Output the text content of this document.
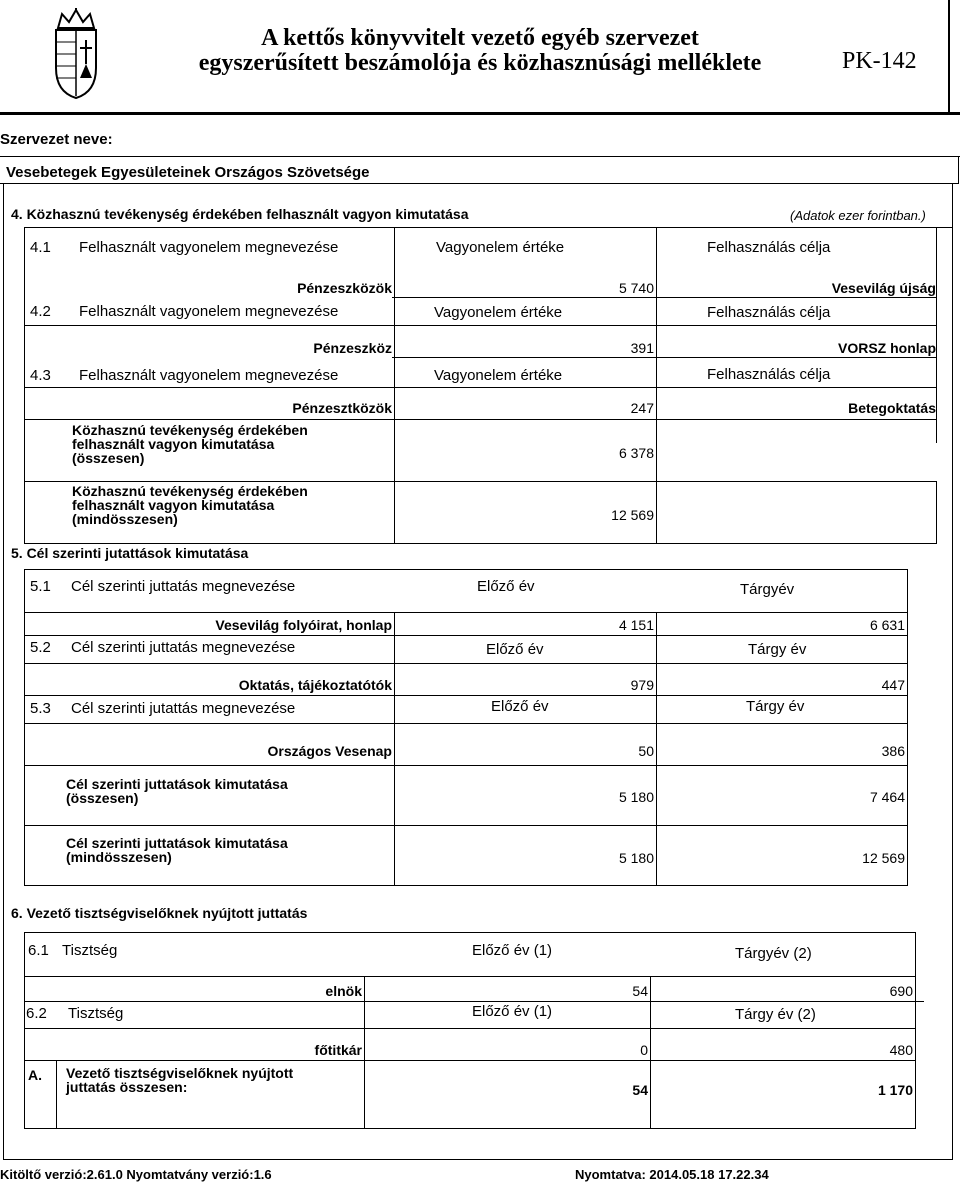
A kettős könyvvitelt vezető egyéb szervezet
egyszerűsített beszámolója és közhasznúsági melléklete	PK-142
Szervezet neve:
Vesebetegek Egyesületeinek Országos Szövetsége
4. Közhasznú tevékenység érdekében felhasznált vagyon kimutatása	(Adatok ezer forintban.)
4.1 Felhasznált vagyonelem megnevezése	Vagyonelem értéke	Felhasználás célja
Pénzeszközök	5 740	Vesevilág újság
4.2 Felhasznált vagyonelem megnevezése	Vagyonelem értéke	Felhasználás célja
Pénzeszköz	391	VORSZ honlap
4.3 Felhasznált vagyonelem megnevezése	Vagyonelem értéke	Felhasználás célja
Pénzesztközök	247	Betegoktatás
Közhasznú tevékenység érdekében
felhasznált vagyon kimutatása
(összesen)	6 378
Közhasznú tevékenység érdekében
felhasznált vagyon kimutatása
(mindösszesen)	12 569
5. Cél szerinti jutattások kimutatása
5.1 Cél szerinti juttatás megnevezése	Előző év	Tárgyév
Vesevilág folyóirat, honlap	4 151	6 631
5.2 Cél szerinti juttatás megnevezése	Előző év	Tárgy év
Oktatás, tájékoztatótók	979	447
5.3 Cél szerinti jutattás megnevezése	Előző év	Tárgy év
Országos Vesenap	50	386
Cél szerinti juttatások kimutatása
(összesen)	5 180	7 464
Cél szerinti juttatások kimutatása
(mindösszesen)	5 180	12 569
6. Vezető tisztségviselőknek nyújtott juttatás
6.1 Tisztség	Előző év (1)	Tárgyév (2)
elnök	54	690
6.2 Tisztség	Előző év (1)	Tárgy év (2)
főtitkár	0	480
A. Vezető tisztségviselőknek nyújtott
juttatás összesen:	54	1 170
Kitöltő verzió:2.61.0 Nyomtatvány verzió:1.6	Nyomtatva: 2014.05.18 17.22.34
